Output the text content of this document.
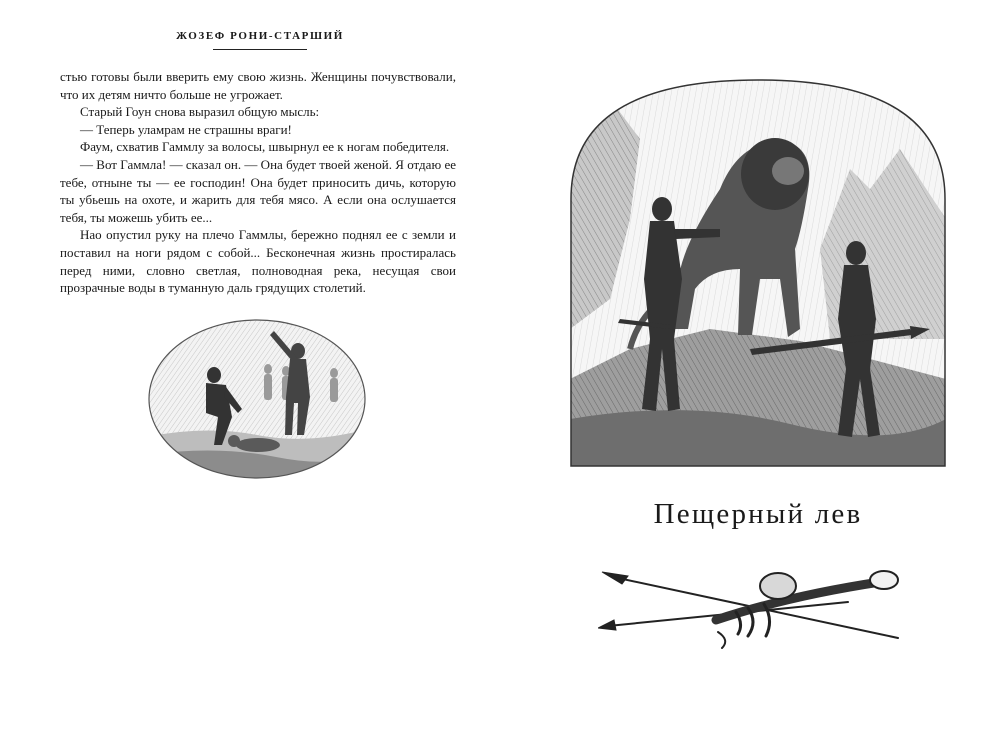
ЖОЗЕФ РОНИ-СТАРШИЙ

стью готовы были вверить ему свою жизнь. Женщины почувствовали, что их детям ничто больше не угрожает.

Старый Гоун снова выразил общую мысль:

— Теперь уламрам не страшны враги!

Фаум, схватив Гаммлу за волосы, швырнул ее к ногам победителя.

— Вот Гаммла! — сказал он. — Она будет твоей женой. Я отдаю ее тебе, отныне ты — ее господин! Она будет приносить дичь, которую ты убьешь на охоте, и жарить для тебя мясо. А если она ослушается тебя, ты можешь убить ее...

Нао опустил руку на плечо Гаммлы, бережно поднял ее с земли и поставил на ноги рядом с собой... Бесконечная жизнь простиралась перед ними, словно светлая, полноводная река, несущая свои прозрачные воды в туманную даль грядущих столетий.

Пещерный лев
